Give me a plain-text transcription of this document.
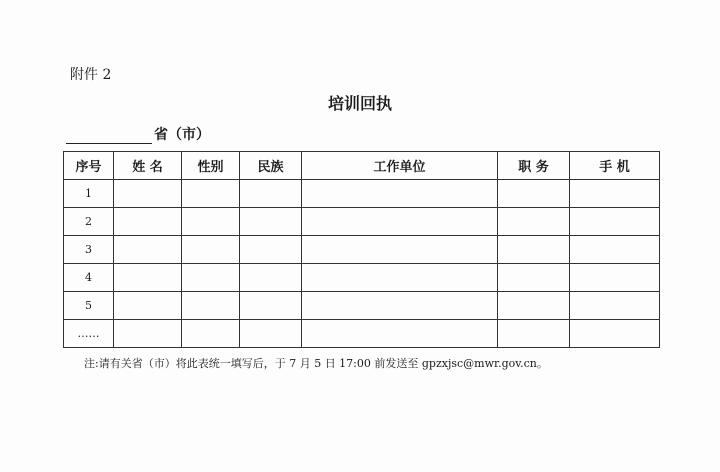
附件 2
培训回执
省（市）
序号	姓 名	性别	民族	工作单位	职 务	手 机
1						
2						
3						
4						
5						
……						
注:请有关省（市）将此表统一填写后，于 7 月 5 日 17:00 前发送至 gpzxjsc@mwr.gov.cn。
